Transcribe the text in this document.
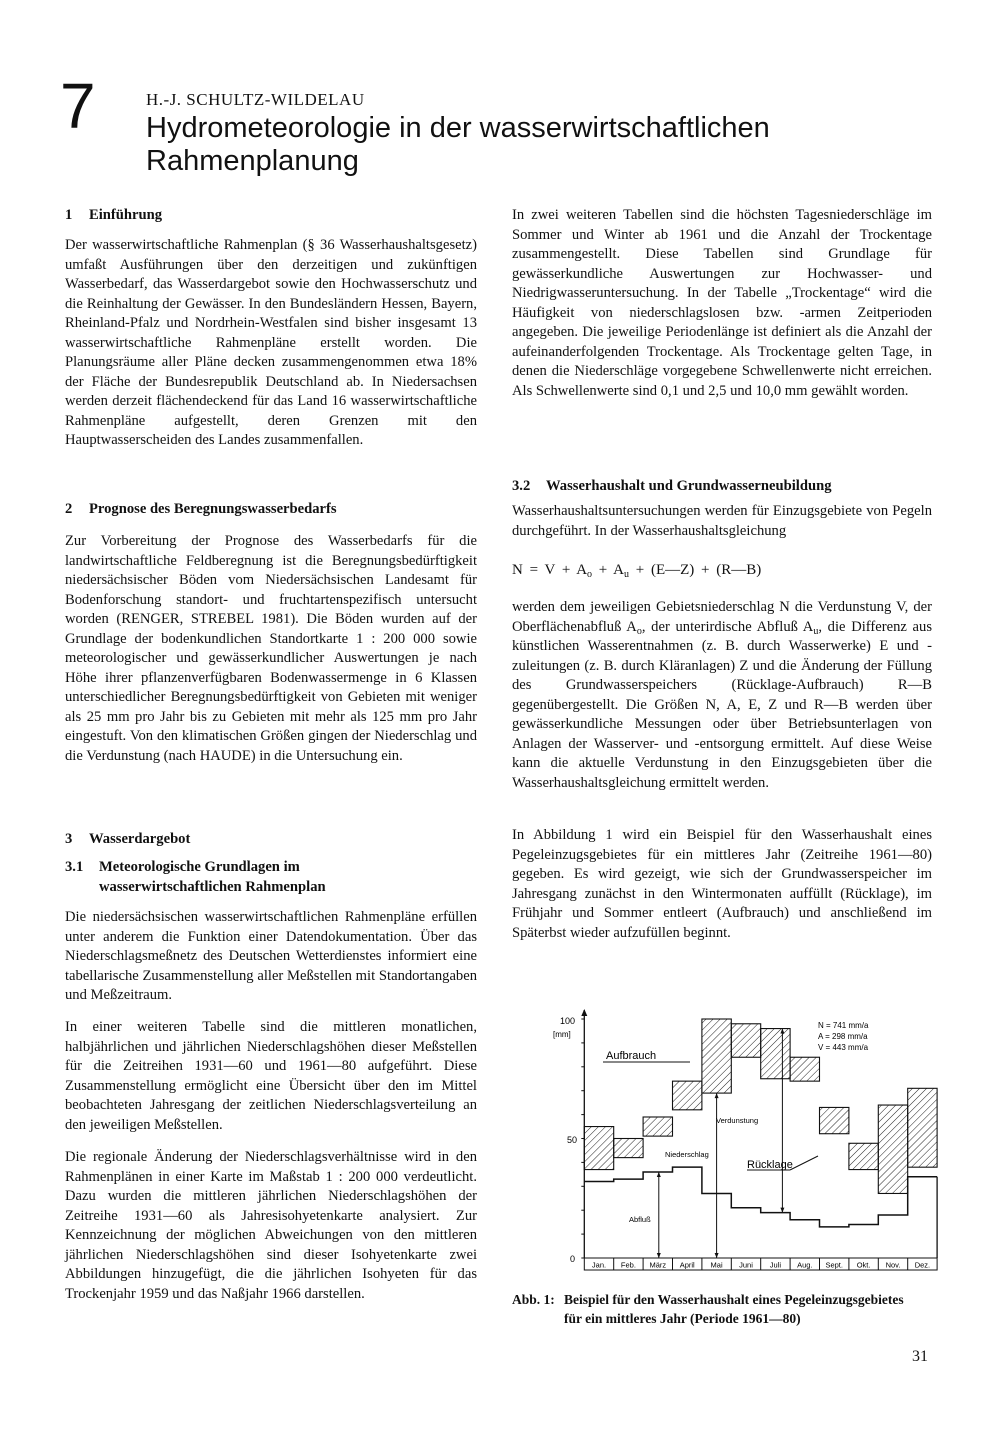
7	H.-J. SCHULTZ-WILDELAU
Hydrometeorologie in der wasserwirtschaftlichen
Rahmenplanung
1 Einführung
Der wasserwirtschaftliche Rahmenplan (§ 36 Wasserhaushaltsgesetz) umfaßt Ausführungen über den derzeitigen und zukünftigen Wasserbedarf, das Wasserdargebot sowie den Hochwasserschutz und die Reinhaltung der Gewässer. In den Bundesländern Hessen, Bayern, Rheinland-Pfalz und Nordrhein-Westfalen sind bisher insgesamt 13 wasserwirtschaftliche Rahmenpläne erstellt worden. Die Planungsräume aller Pläne decken zusammengenommen etwa 18% der Fläche der Bundesrepublik Deutschland ab. In Niedersachsen werden derzeit flächendeckend für das Land 16 wasserwirtschaftliche Rahmenpläne aufgestellt, deren Grenzen mit den Hauptwasserscheiden des Landes zusammenfallen.
2 Prognose des Beregnungswasserbedarfs
Zur Vorbereitung der Prognose des Wasserbedarfs für die landwirtschaftliche Feldberegnung ist die Beregnungsbedürftigkeit niedersächsischer Böden vom Niedersächsischen Landesamt für Bodenforschung standort- und fruchtartenspezifisch untersucht worden (RENGER, STREBEL 1981). Die Böden wurden auf der Grundlage der bodenkundlichen Standortkarte 1 : 200 000 sowie meteorologischer und gewässerkundlicher Auswertungen je nach Höhe ihrer pflanzenverfügbaren Bodenwassermenge in 6 Klassen unterschiedlicher Beregnungsbedürftigkeit von Gebieten mit weniger als 25 mm pro Jahr bis zu Gebieten mit mehr als 125 mm pro Jahr eingestuft. Von den klimatischen Größen gingen der Niederschlag und die Verdunstung (nach HAUDE) in die Untersuchung ein.
3 Wasserdargebot
3.1 Meteorologische Grundlagen im
wasserwirtschaftlichen Rahmenplan
Die niedersächsischen wasserwirtschaftlichen Rahmenpläne erfüllen unter anderem die Funktion einer Datendokumentation. Über das Niederschlagsmeßnetz des Deutschen Wetterdienstes informiert eine tabellarische Zusammenstellung aller Meßstellen mit Standortangaben und Meßzeitraum.
In einer weiteren Tabelle sind die mittleren monatlichen, halbjährlichen und jährlichen Niederschlagshöhen dieser Meßstellen für die Zeitreihen 1931—60 und 1961—80 aufgeführt. Diese Zusammenstellung ermöglicht eine Übersicht über den im Mittel beobachteten Jahresgang der zeitlichen Niederschlagsverteilung an den jeweiligen Meßstellen.
Die regionale Änderung der Niederschlagsverhältnisse wird in den Rahmenplänen in einer Karte im Maßstab 1 : 200 000 verdeutlicht. Dazu wurden die mittleren jährlichen Niederschlagshöhen der Zeitreihe 1931—60 als Jahresisohyetenkarte analysiert. Zur Kennzeichnung der möglichen Abweichungen von den mittleren jährlichen Niederschlagshöhen sind dieser Isohyetenkarte zwei Abbildungen hinzugefügt, die die jährlichen Isohyeten für das Trockenjahr 1959 und das Naßjahr 1966 darstellen.
In zwei weiteren Tabellen sind die höchsten Tagesniederschläge im Sommer und Winter ab 1961 und die Anzahl der Trockentage zusammengestellt. Diese Tabellen sind Grundlage für gewässerkundliche Auswertungen zur Hochwasser- und Niedrigwasseruntersuchung. In der Tabelle „Trockentage“ wird die Häufigkeit von niederschlagslosen bzw. -armen Zeitperioden angegeben. Die jeweilige Periodenlänge ist definiert als die Anzahl der aufeinanderfolgenden Trockentage. Als Trockentage gelten Tage, in denen die Niederschläge vorgegebene Schwellenwerte nicht erreichen. Als Schwellenwerte sind 0,1 und 2,5 und 10,0 mm gewählt worden.
3.2 Wasserhaushalt und Grundwasserneubildung
Wasserhaushaltsuntersuchungen werden für Einzugsgebiete von Pegeln durchgeführt. In der Wasserhaushaltsgleichung
$N = V + A_o + A_u$ + (E—Z) + (R—B)
werden dem jeweiligen Gebietsniederschlag N die Verdunstung V, der Oberflächenabfluß $A_o$, der unterirdische Abfluß $A_u$, die Differenz aus künstlichen Wasserentnahmen (z. B. durch Wasserwerke) E und -zuleitungen (z. B. durch Kläranlagen) Z und die Änderung der Füllung des Grundwasserspeichers (Rücklage-Aufbrauch) R—B gegenübergestellt. Die Größen N, A, E, Z und R—B werden über gewässerkundliche Messungen oder über Betriebsunterlagen von Anlagen der Wasserver- und -entsorgung ermittelt. Auf diese Weise kann die aktuelle Verdunstung in den Einzugsgebieten über die Wasserhaushaltsgleichung ermittelt werden.
In Abbildung 1 wird ein Beispiel für den Wasserhaushalt eines Pegeleinzugsgebietes für ein mittleres Jahr (Zeitreihe 1961—80) gegeben. Es wird gezeigt, wie sich der Grundwasserspeicher im Jahresgang zunächst in den Wintermonaten auffüllt (Rücklage), im Frühjahr und Sommer entleert (Aufbrauch) und anschließend im Späterbst wieder aufzufüllen beginnt.
Jan. Feb. März April Mai Juni Juli Aug. Sept. Okt. Nov. Dez.
100
[mm]
50
0
N = 741 mm/a
A = 298 mm/a
V = 443 mm/a
Aufbrauch
Verdunstung
Niederschlag
Rücklage
Abfluß
Abb. 1: Beispiel für den Wasserhaushalt eines Pegeleinzugsgebietes
für ein mittleres Jahr (Periode 1961—80)
31
